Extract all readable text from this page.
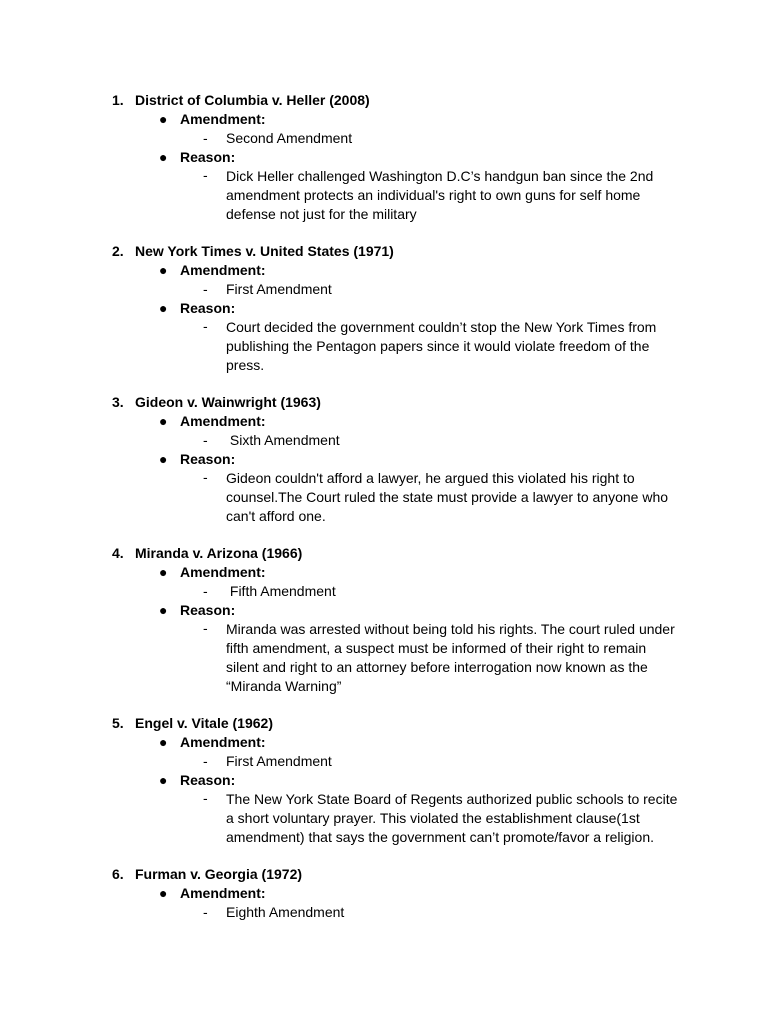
1. District of Columbia v. Heller (2008)
● Amendment:
- Second Amendment
● Reason:
- Dick Heller challenged Washington D.C’s handgun ban since the 2nd amendment protects an individual's right to own guns for self home defense not just for the military
2. New York Times v. United States (1971)
● Amendment:
- First Amendment
● Reason:
- Court decided the government couldn’t stop the New York Times from publishing the Pentagon papers since it would violate freedom of the press.
3. Gideon v. Wainwright (1963)
● Amendment:
- Sixth Amendment
● Reason:
- Gideon couldn't afford a lawyer, he argued this violated his right to counsel.The Court ruled the state must provide a lawyer to anyone who can't afford one.
4. Miranda v. Arizona (1966)
● Amendment:
- Fifth Amendment
● Reason:
- Miranda was arrested without being told his rights. The court ruled under fifth amendment, a suspect must be informed of their right to remain silent and right to an attorney before interrogation now known as the “Miranda Warning”
5. Engel v. Vitale (1962)
● Amendment:
- First Amendment
● Reason:
- The New York State Board of Regents authorized public schools to recite a short voluntary prayer. This violated the establishment clause(1st amendment) that says the government can’t promote/favor a religion.
6. Furman v. Georgia (1972)
● Amendment:
- Eighth Amendment
